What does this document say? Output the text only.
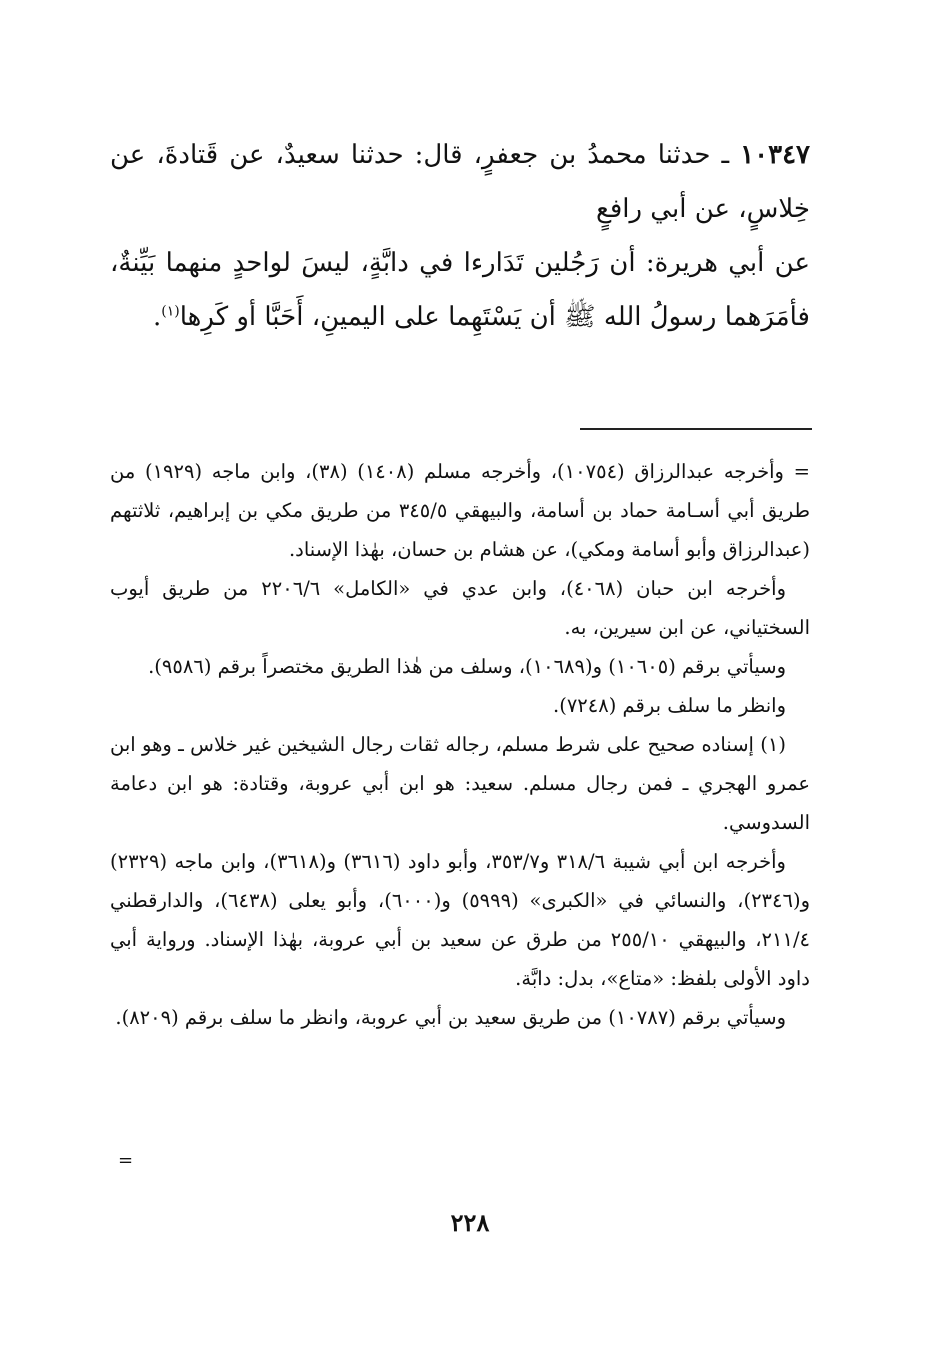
١٠٣٤٧ ـ حدثنا محمدُ بن جعفرٍ، قال: حدثنا سعيدٌ، عن قَتادةَ، عن خِلاسٍ، عن أبي رافعٍ

عن أبي هريرة: أن رَجُلين تَدَارءا في دابَّةٍ، ليسَ لواحدٍ منهما بَيِّنةٌ، فأمَرَهما رسولُ الله ﷺ أن يَسْتَهِما على اليمينِ، أَحَبَّا أو كَرِها$^{(١)}$.

= وأخرجه عبدالرزاق (١٠٧٥٤)، وأخرجه مسلم (١٤٠٨) (٣٨)، وابن ماجه (١٩٢٩) من طريق أبي أسـامة حماد بن أسامة، والبيهقي ٣٤٥/٥ من طريق مكي بن إبراهيم، ثلاثتهم (عبدالرزاق وأبو أسامة ومكي)، عن هشام بن حسان، بهٰذا الإسناد.

وأخرجه ابن حبان (٤٠٦٨)، وابن عدي في «الكامل» ٢٢٠٦/٦ من طريق أيوب السختياني، عن ابن سيرين، به.

وسيأتي برقم (١٠٦٠٥) و(١٠٦٨٩)، وسلف من هٰذا الطريق مختصراً برقم (٩٥٨٦).

وانظر ما سلف برقم (٧٢٤٨).

(١) إسناده صحيح على شرط مسلم، رجاله ثقات رجال الشيخين غير خلاس ـ وهو ابن عمرو الهجري ـ فمن رجال مسلم. سعيد: هو ابن أبي عروبة، وقتادة: هو ابن دعامة السدوسي.

وأخرجه ابن أبي شيبة ٣١٨/٦ و٣٥٣/٧، وأبو داود (٣٦١٦) و(٣٦١٨)، وابن ماجه (٢٣٢٩) و(٢٣٤٦)، والنسائي في «الكبرى» (٥٩٩٩) و(٦٠٠٠)، وأبو يعلى (٦٤٣٨)، والدارقطني ٢١١/٤، والبيهقي ٢٥٥/١٠ من طرق عن سعيد بن أبي عروبة، بهٰذا الإسناد. ورواية أبي داود الأولى بلفظ: «متاع»، بدل: دابَّة.

وسيأتي برقم (١٠٧٨٧) من طريق سعيد بن أبي عروبة، وانظر ما سلف برقم (٨٢٠٩).

=
٢٢٨
